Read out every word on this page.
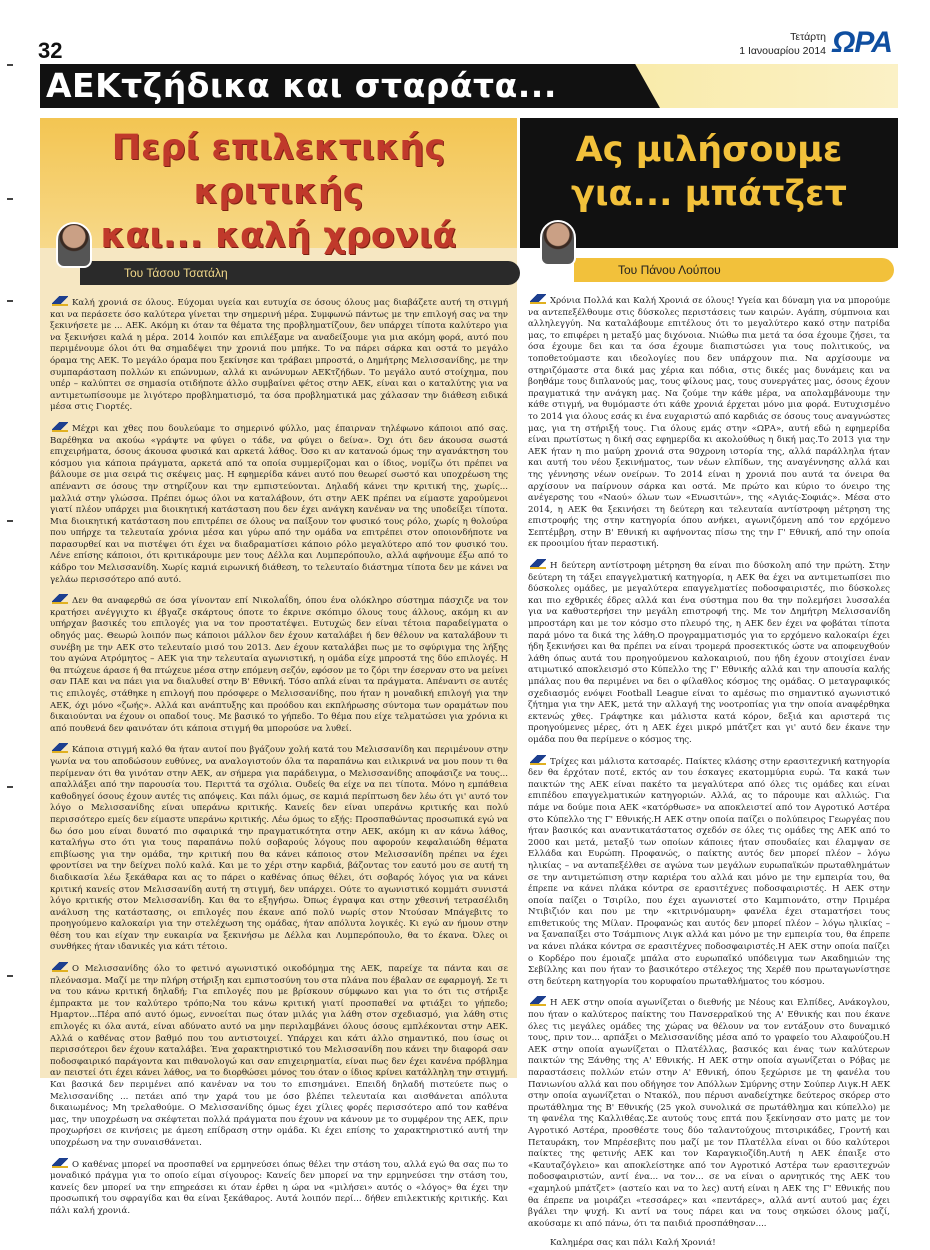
32
Τετάρτη
1 Ιανουαρίου 2014 ΩΡΑ
ΑΕΚτζήδικα και σταράτα...
Περί επιλεκτικής κριτικής
και... καλή χρονιά
Του Τάσου Τσατάλη

Καλή χρονιά σε όλους. Εύχομαι υγεία και ευτυχία σε όσους όλους μας διαβάζετε αυτή τη στιγμή και να περάσετε όσο καλύτερα γίνεται την σημερινή μέρα. Συμφωνώ πάντως με την επιλογή σας να την ξεκινήσετε με ... ΑΕΚ. Ακόμη κι όταν τα θέματα της προβληματίζουν, δεν υπάρχει τίποτα καλύτερο για να ξεκινήσει καλά η μέρα. 2014 λοιπόν και επιλέξαμε να αναδείξουμε για μια ακόμη φορά, αυτό που περιμένουμε όλοι ότι θα σημαδέψει την χρονιά που μπήκε. Το να πάρει σάρκα και οστά το μεγάλο όραμα της ΑΕΚ. Το μεγάλο όραμα που ξεκίνησε και τράβαει μπροστά, ο Δημήτρης Μελισσανίδης, με την συμπαράσταση πολλών κι επώνυμων, αλλά κι ανώνυμων ΑΕΚτζήδων. Το μεγάλο αυτό στοίχημα, που υπέρ – καλύπτει σε σημασία οτιδήποτε άλλο συμβαίνει φέτος στην ΑΕΚ, είναι και ο καταλύτης για να αντιμετωπίσουμε με λιγότερο προβληματισμό, τα όσα προβληματικά μας χάλασαν την διάθεση ειδικά μέσα στις Γιορτές.

Μέχρι και χθες που δουλεύαμε το σημερινό φύλλο, μας έπαιρναν τηλέφωνο κάποιοι από σας. Βαρέθηκα να ακούω «γράψτε να φύγει ο τάδε, να φύγει ο δείνα». Όχι ότι δεν άκουσα σωστά επιχειρήματα, όσους άκουσα φυσικά και αρκετά λάθος. Όσο κι αν κατανοώ όμως την αγανάκτηση του κόσμου για κάποια πράγματα, αρκετά από τα οποία συμμερίζομαι και ο ίδιος, νομίζω ότι πρέπει να βάλουμε σε μια σειρά τις σκέψεις μας. Η εφημερίδα κάνει αυτό που θεωρεί σωστό και υποχρέωση της απέναντι σε όσους την στηρίζουν και την εμπιστεύονται. Δηλαδή κάνει την κριτική της, χωρίς... μαλλιά στην γλώσσα. Πρέπει όμως όλοι να καταλάβουν, ότι στην ΑΕΚ πρέπει να είμαστε χαρούμενοι γιατί πλέον υπάρχει μια διοικητική κατάσταση που δεν έχει ανάγκη κανέναν να της υποδείξει τίποτα. Μια διοικητική κατάσταση που επιτρέπει σε όλους να παίξουν τον φυσικό τους ρόλο, χωρίς η θολούρα που υπήρχε τα τελευταία χρόνια μέσα και γύρω από την ομάδα να επιτρέπει στον οποιονδήποτε να παρασυρθεί και να πιστέψει ότι έχει να διαδραματίσει κάποιο ρόλο μεγαλύτερο από τον φυσικό του. Λένε επίσης κάποιοι, ότι κριτικάρουμε μεν τους Δέλλα και Λυμπερόπουλο, αλλά αφήνουμε έξω από το κάδρο τον Μελισσανίδη. Χωρίς καμιά ειρωνική διάθεση, το τελευταίο διάστημα τίποτα δεν με κάνει να γελάω περισσότερο από αυτό.

Δεν θα αναφερθώ σε όσα γίνονταν επί Νικολαΐδη, όπου ένα ολόκληρο σύστημα πάσχιζε να τον κρατήσει ανέγγιχτο κι έβγαζε σκάρτους όποτε το έκρινε σκόπιμο όλους τους άλλους, ακόμη κι αν υπήρχαν βασικές του επιλογές για να τον προστατέψει. Ευτυχώς δεν είναι τέτοια παραδείγματα ο οδηγός μας. Θεωρώ λοιπόν πως κάποιοι μάλλον δεν έχουν καταλάβει ή δεν θέλουν να καταλάβουν τι συνέβη με την ΑΕΚ στο τελευταίο μισό του 2013. Δεν έχουν καταλάβει πως με το σφύριγμα της λήξης του αγώνα Ατρόμητος – ΑΕΚ για την τελευταία αγωνιστική, η ομάδα είχε μπροστά της δύο επιλογές. Η θα πτώχευε άρασε ή θα πτώχευε μέσα στην επόμενη σεζόν, εφόσον με το ζόρι την έσερναν στο να μείνει σαν ΠΑΕ και να πάει για να διαλυθεί στην Β' Εθνική. Τόσο απλά είναι τα πράγματα. Απέναντι σε αυτές τις επιλογές, στάθηκε η επιλογή που πρόσφερε ο Μελισσανίδης, που ήταν η μοναδική επιλογή για την ΑΕΚ, όχι μόνο «ζωής». Αλλά και ανάπτυξης και προόδου και εκπλήρωσης σύντομα των οραμάτων που δικαιούνται να έχουν οι οπαδοί τους. Με βασικό το γήπεδο. Το θέμα που είχε τελματώσει για χρόνια κι από πουθενά δεν φαινόταν ότι κάποια στιγμή θα μπορούσε να λυθεί.

Κάποια στιγμή καλό θα ήταν αυτοί που βγάζουν χολή κατά του Μελισσανίδη και περιμένουν στην γωνία να του αποδώσουν ευθύνες, να αναλογιστούν όλα τα παραπάνω και ειλικρινά να μου πουν τι θα περίμεναν ότι θα γινόταν στην ΑΕΚ, αν σήμερα για παράδειγμα, ο Μελισσανίδης αποφάσιζε να τους... απαλλάξει από την παρουσία του. Περιττά τα σχόλια. Ουδείς θα είχε να πει τίποτα. Μόνο η εμπάθεια καθοδηγεί όσους έχουν αυτές τις απόψεις. Και πάλι όμως, σε καμιά περίπτωση δεν λέω ότι γι' αυτό τον λόγο ο Μελισσανίδης είναι υπεράνω κριτικής. Κανείς δεν είναι υπεράνω κριτικής και πολύ περισσότερο εμείς δεν είμαστε υπεράνω κριτικής. Λέω όμως το εξής: Προσπαθώντας προσωπικά εγώ να δω όσο μου είναι δυνατό πιο σφαιρικά την πραγματικότητα στην ΑΕΚ, ακόμη κι αν κάνω λάθος, καταλήγω στο ότι για τους παραπάνω πολύ σοβαρούς λόγους που αφορούν κεφαλαιώδη θέματα επιβίωσης για την ομάδα, την κριτική που θα κάνει κάποιος στον Μελισσανίδη πρέπει να έχει φροντίσει να την δείχνει πολύ καλά. Και με το χέρι στην καρδιά, βάζοντας τον εαυτό μου σε αυτή τη διαδικασία λέω ξεκάθαρα και ας το πάρει ο καθένας όπως θέλει, ότι σοβαρός λόγος για να κάνει κριτική κανείς στον Μελισσανίδη αυτή τη στιγμή, δεν υπάρχει. Ούτε το αγωνιστικό κομμάτι συνιστά λόγο κριτικής στον Μελισσανίδη. Και θα το εξηγήσω. Όπως έγραψα και στην χθεσινή τετρασέλιδη ανάλυση της κατάστασης, οι επιλογές που έκανε από πολύ νωρίς στον Ντούσαν Μπάγεβιτς το προηγούμενο καλοκαίρι για την στελέχωση της ομάδας, ήταν απόλυτα λογικές. Κι εγώ αν ήμουν στην θέση του και είχαν την ευκαιρία να ξεκινήσω με Δέλλα και Λυμπερόπουλο, θα το έκανα. Όλες οι συνθήκες ήταν ιδανικές για κάτι τέτοιο.

Ο Μελισσανίδης όλο το φετινό αγωνιστικό οικοδόμημα της ΑΕΚ, παρείχε τα πάντα και σε πλεόνασμα. Μαζί με την πλήρη στήριξη και εμπιστοσύνη του στα πλάνα που έβαλαν σε εφαρμογή. Σε τι να του κάνω κριτική δηλαδή; Για επιλογές που με βρίσκουν σύμφωνο και για το ότι τις στήριξε έμπρακτα με τον καλύτερο τρόπο;Να του κάνω κριτική γιατί προσπαθεί να φτιάξει το γήπεδο; Ημαρτον...Πέρα από αυτό όμως, εννοείται πως όταν μιλάς για λάθη στον σχεδιασμό, για λάθη στις επιλογές κι όλα αυτά, είναι αδύνατο αυτό να μην περιλαμβάνει όλους όσους εμπλέκονται στην ΑΕΚ. Αλλά ο καθένας στον βαθμό που του αντιστοιχεί. Υπάρχει και κάτι άλλο σημαντικό, που ίσως οι περισσότεροι δεν έχουν καταλάβει. Ένα χαρακτηριστικό του Μελισσανίδη που κάνει την διαφορά σαν ποδοσφαιρικό παράγοντα και πιθανολογώ και σαν επιχειρηματία, είναι πως δεν έχει κανένα πρόβλημα αν πειστεί ότι έχει κάνει λάθος, να το διορθώσει μόνος του όταν ο ίδιος κρίνει κατάλληλη την στιγμή. Και βασικά δεν περιμένει από κανέναν να του το επισημάνει. Επειδή δηλαδή πιστεύετε πως ο Μελισσανίδης ... πετάει από την χαρά του με όσο βλέπει τελευταία και αισθάνεται απόλυτα δικαιωμένος; Μη τρελαθούμε. Ο Μελισσανίδης όμως έχει χίλιες φορές περισσότερο από τον καθένα μας, την υποχρέωση να σκέφτεται πολλά πράγματα που έχουν να κάνουν με το συμφέρον της ΑΕΚ, πριν προχωρήσει σε κινήσεις με άμεση επίδραση στην ομάδα. Κι έχει επίσης το χαρακτηριστικό αυτή την υποχρέωση να την συναισθάνεται.

Ο καθένας μπορεί να προσπαθεί να ερμηνεύσει όπως θέλει την στάση του, αλλά εγώ θα σας πω το μοναδικό πράγμα για το οποίο είμαι σίγουρος: Κανείς δεν μπορεί να την ερμηνεύσει την στάση του, κανείς δεν μπορεί να την επηρεάσει κι όταν έρθει η ώρα να «μιλήσει» αυτός ο «λόγος» θα έχει την προσωπική του σφραγίδα και θα είναι ξεκάθαρος. Αυτά λοιπόν περί... δήθεν επιλεκτικής κριτικής. Και πάλι καλή χρονιά.

Ας μιλήσουμε
για... μπάτζετ
Του Πάνου Λούπου

Χρόνια Πολλά και Καλή Χρονιά σε όλους! Υγεία και δύναμη για να μπορούμε να αντεπεξέλθουμε στις δύσκολες περιστάσεις των καιρών. Αγάπη, σύμπνοια και αλληλεγγύη. Να καταλάβουμε επιτέλους ότι το μεγαλύτερο κακό στην πατρίδα μας, το επιφέρει η μεταξύ μας διχόνοια. Νιώθω πια μετά τα όσα έχουμε ζήσει, τα όσα έχουμε δει και τα όσα έχουμε διαπιστώσει για τους πολιτικούς, να τοποθετούμαστε και ιδεολογίες που δεν υπάρχουν πια. Να αρχίσουμε να στηριζόμαστε στα δικά μας χέρια και πόδια, στις δικές μας δυνάμεις και να βοηθάμε τους διπλανούς μας, τους φίλους μας, τους συνεργάτες μας, όσους έχουν πραγματικά την ανάγκη μας. Να ζούμε την κάθε μέρα, να απολαμβάνουμε την κάθε στιγμή, να θυμόμαστε ότι κάθε χρονιά έρχεται μόνο μια φορά. Ευτυχισμένο το 2014 για όλους εσάς κι ένα ευχαριστώ από καρδιάς σε όσους τους αναγνώστες μας, για τη στήριξή τους. Για όλους εμάς στην «ΩΡΑ», αυτή εδώ η εφημερίδα είναι πρωτίστως η δική σας εφημερίδα κι ακολούθως η δική μας.Το 2013 για την ΑΕΚ ήταν η πιο μαύρη χρονιά στα 90χρονη ιστορία της, αλλά παράλληλα ήταν και αυτή του νέου ξεκινήματος, των νέων ελπίδων, της αναγέννησης αλλά και της γέννησης νέων ονείρων. Το 2014 είναι η χρονιά που αυτά τα όνειρα θα αρχίσουν να παίρνουν σάρκα και οστά. Με πρώτο και κύριο το όνειρο της ανέγερσης του «Ναού» όλων των «Ενωσιτών», της «Αγιάς-Σοφιάς». Μέσα στο 2014, η ΑΕΚ θα ξεκινήσει τη δεύτερη και τελευταία αντίστροφη μέτρηση της επιστροφής της στην κατηγορία όπου ανήκει, αγωνιζόμενη από τον ερχόμενο Σεπτέμβρη, στην Β' Εθνική κι αφήνοντας πίσω της την Γ' Εθνική, από την οποία εκ προοιμίου ήταν περαστική.

Η δεύτερη αντίστροφη μέτρηση θα είναι πιο δύσκολη από την πρώτη. Στην δεύτερη τη τάξει επαγγελματική κατηγορία, η ΑΕΚ θα έχει να αντιμετωπίσει πιο δύσκολες ομάδες, με μεγαλύτερα επαγγελματίες ποδοσφαιριστές, πιο δύσκολες και πιο εχθρικές έδρες αλλά και ένα σύστημα που θα την πολεμήσει λυσσαλέα για να καθυστερήσει την μεγάλη επιστροφή της. Με τον Δημήτρη Μελισσανίδη μπροστάρη και με τον κόσμο στο πλευρό της, η ΑΕΚ δεν έχει να φοβάται τίποτα παρά μόνο τα δικά της λάθη.Ο προγραμματισμός για το ερχόμενο καλοκαίρι έχει ήδη ξεκινήσει και θα πρέπει να είναι τρομερά προσεκτικός ώστε να αποφευχθούν λάθη όπως αυτά του προηγούμενου καλοκαιριού, που ήδη έχουν στοιχίσει έναν ατιμωτικό αποκλεισμό στο Κύπελλο της Γ' Εθνικής αλλά και την απουσία καλής μπάλας που θα περιμένει να δει ο φίλαθλος κόσμος της ομάδας. Ο μεταγραφικός σχεδιασμός ενόψει Football League είναι το αμέσως πιο σημαντικό αγωνιστικό ζήτημα για την ΑΕΚ, μετά την αλλαγή της νοοτροπίας για την οποία αναφέρθηκα εκτενώς χθες. Γράφτηκε και μάλιστα κατά κόρον, δεξιά και αριστερά τις προηγούμενες μέρες, ότι η ΑΕΚ έχει μικρό μπάτζετ και γι' αυτό δεν έκανε την ομάδα που θα περίμενε ο κόσμος της.

Τρίχες και μάλιστα κατσαρές. Παίκτες κλάσης στην ερασιτεχνική κατηγορία δεν θα έρχόταν ποτέ, εκτός αν του έσκαγες εκατομμύρια ευρώ. Τα κακά των παικτών της ΑΕΚ είναι πακέτο τα μεγαλύτερα από όλες τις ομάδες και είναι επιπέδου επαγγελματικών κατηγοριών. Αλλά, ας το πάρουμε και αλλιώς. Για πάμε να δούμε ποια ΑΕΚ «κατόρθωσε» να αποκλειστεί από τον Αγροτικό Αστέρα στο Κύπελλο της Γ' Εθνικής.Η ΑΕΚ στην οποία παίζει ο πολύπειρος Γεωργέας που ήταν βασικός και αναντικατάστατος σχεδόν σε όλες τις ομάδες της ΑΕΚ από το 2000 και μετά, μεταξύ των οποίων κάποιες ήταν σπουδαίες και έλαμψαν σε Ελλάδα και Ευρώπη. Προφανώς, ο παίκτης αυτός δεν μπορεί πλέον – λόγω ηλικίας – να ανταπεξέλθει σε αγώνα των μεγάλων ευρωπαϊκών πρωταθλημάτων σε την αντιμετώπιση στην καριέρα του αλλά και μόνο με την εμπειρία του, θα έπρεπε να κάνει πλάκα κόντρα σε ερασιτέχνες ποδοσφαιριστές. Η ΑΕΚ στην οποία παίζει ο Τσιρίλο, που έχει αγωνιστεί στο Καμπιονάτο, στην Πριμέρα Ντιβιζιόν και που με την «κιτρινόμαυρη» φανέλα έχει σταματήσει τους επιθετικούς της Μίλαν. Προφανώς και αυτός δεν μπορεί πλέον – λόγω ηλικίας – να ξαναπαίξει στο Τσάμπιονς Λιγκ αλλά και μόνο με την εμπειρία του, θα έπρεπε να κάνει πλάκα κόντρα σε ερασιτέχνες ποδοσφαιριστές.Η ΑΕΚ στην οποία παίζει ο Κορδέρο που έμοιαζε μπάλα στο ευρωπαϊκό υπόδειγμα των Ακαδημιών της Σεβίλλης και που ήταν το βασικότερο στέλεχος της Χερέθ που πρωταγωνίστησε στη δεύτερη κατηγορία του κορυφαίου πρωταθλήματος του κόσμου.

Η ΑΕΚ στην οποία αγωνίζεται ο διεθνής με Νέους και Ελπίδες, Ανάκογλου, που ήταν ο καλύτερος παίκτης του Πανσερραϊκού της Α' Εθνικής και που έκανε όλες τις μεγάλες ομάδες της χώρας να θέλουν να τον εντάξουν στο δυναμικό τους, πριν τον... αρπάξει ο Μελισσανίδης μέσα από το γραφείο του Αλαφούζου.Η ΑΕΚ στην οποία αγωνίζεται ο Πλατέλλας, βασικός και ένας των καλύτερων παικτών της Ξάνθης της Α' Εθνικής. Η ΑΕΚ στην οποία αγωνίζεται ο Ρόβας με παραστάσεις πολλών ετών στην Α' Εθνική, όπου ξεχώρισε με τη φανέλα του Πανιωνίου αλλά και που οδήγησε τον Απόλλων Σμύρνης στην Σούπερ Λιγκ.Η ΑΕΚ στην οποία αγωνίζεται ο Ντακόλ, που πέρυσι αναδείχτηκε δεύτερος σκόρερ στο πρωτάθλημα της Β' Εθνικής (25 γκολ συνολικά σε πρωτάθλημα και κύπελλο) με τη φανέλα της Καλλιθέας.Σε αυτούς τους επτά που ξεκίνησαν στο ματς με τον Αγροτικό Αστέρα, προσθέστε τους δύο ταλαντούχους πιτσιρικάδες, Γροντή και Πεταυράκη, τον Μπρέσεβιτς που μαζί με τον Πλατέλλα είναι οι δύο καλύτεροι παίκτες της φετινής ΑΕΚ και τον Καραγκιοζίδη.Αυτή η ΑΕΚ έπαιξε στο «Καυταζόγλειο» και αποκλείστηκε από τον Αγροτικό Αστέρα των ερασιτεχνών ποδοσφαιριστών, αντί ένα... να τον... σε να είναι ο αρνητικός της ΑΕΚ του «χαμηλού μπάτζετ» (αστείο και να το λες) αυτή είναι η ΑΕΚ της Γ' Εθνικής που θα έπρεπε να μοιράζει «τεσσάρες» και «πεντάρες», αλλά αντί αυτού μας έχει βγάλει την ψυχή. Κι αντί να τους πάρει και να τους σηκώσει όλους μαζί, ακούσαμε κι από πάνω, ότι τα παιδιά προσπάθησαν....

Καλημέρα σας και πάλι Καλή Χρονιά!
